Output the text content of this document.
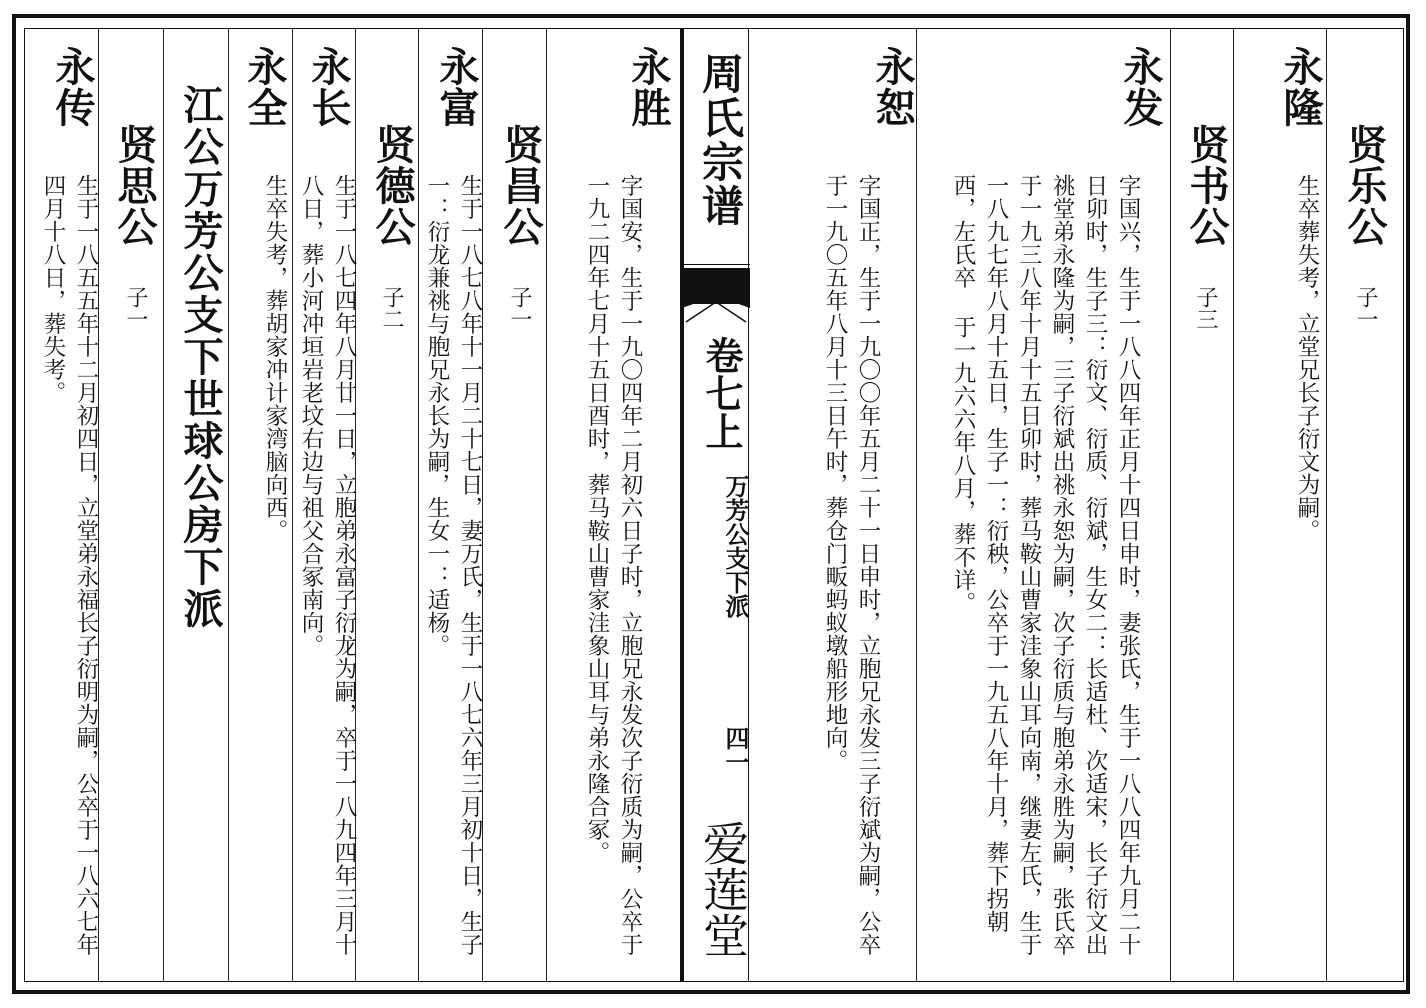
周氏宗谱
卷七上
万芳公支下派
四一
爱莲堂
永隆
贤乐公
子一
生卒葬失考，立堂兄长子衍文为嗣。
贤书公
子三
永发
字国兴，生于一八八四年正月十四日申时，妻张氏，生于一八八四年九月二十日卯时，生子三：衍文、衍质、衍斌，生女二：长适杜、次适宋，长子衍文出祧堂弟永隆为嗣，三子衍斌出祧永恕为嗣，次子衍质与胞弟永胜为嗣，张氏卒于一九三八年十月十五日卯时，葬马鞍山曹家洼象山耳向南，继妻左氏，生于一八九七年八月十五日，生子一：衍秧，公卒于一九五八年十月，葬下拐朝西，左氏卒 于一九六六年八月，葬不详。
永恕
字国正，生于一九〇〇年五月二十一日申时，立胞兄永发三子衍斌为嗣，公卒于一九〇五年八月十三日午时，葬仓门畈蚂蚁墩船形地向。
永胜
字国安，生于一九〇四年二月初六日子时，立胞兄永发次子衍质为嗣，公卒于一九二四年七月十五日酉时，葬马鞍山曹家洼象山耳与弟永隆合冢。
贤昌公
子一
永富
生于一八七八年十一月二十七日，妻万氏，生于一八七六年三月初十日，生子一：衍龙兼祧与胞兄永长为嗣，生女一：适杨。
贤德公
子二
永长
生于一八七四年八月廿一日，立胞弟永富子衍龙为嗣，卒于一八九四年三月十八日，葬小河冲垣岩老坟右边与祖父合冢南向。
永全
生卒失考，葬胡家冲计家湾脑向西。
江公万芳公支下世球公房下派
贤思公
子一
永传
生于一八五五年十二月初四日，立堂弟永福长子衍明为嗣，公卒于一八六七年四月十八日，葬失考。
